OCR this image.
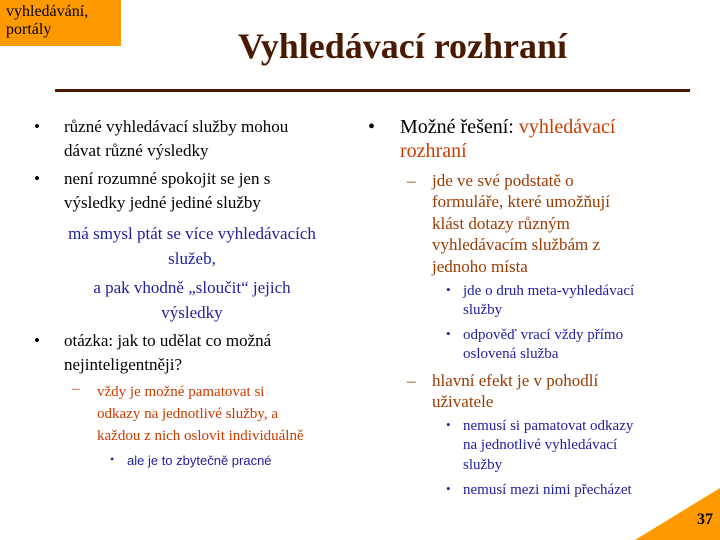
vyhledávání,
portály	Vyhledávací rozhraní
• různé vyhledávací služby mohou
dávat různé výsledky
• není rozumné spokojit se jen s
výsledky jedné jediné služby
má smysl ptát se více vyhledávacích
služeb,
a pak vhodně „sloučit“ jejich
výsledky
• otázka: jak to udělat co možná
nejinteligentněji?
– vždy je možné pamatovat si
odkazy na jednotlivé služby, a
každou z nich oslovit individuálně
• ale je to zbytečně pracné
• Možné řešení: vyhledávací
rozhraní
– jde ve své podstatě o
formuláře, které umožňují
klást dotazy různým
vyhledávacím službám z
jednoho místa
• jde o druh meta-vyhledávací
služby
• odpověď vrací vždy přímo
oslovená služba
– hlavní efekt je v pohodlí
uživatele
• nemusí si pamatovat odkazy
na jednotlivé vyhledávací
služby
• nemusí mezi nimi přecházet
37
